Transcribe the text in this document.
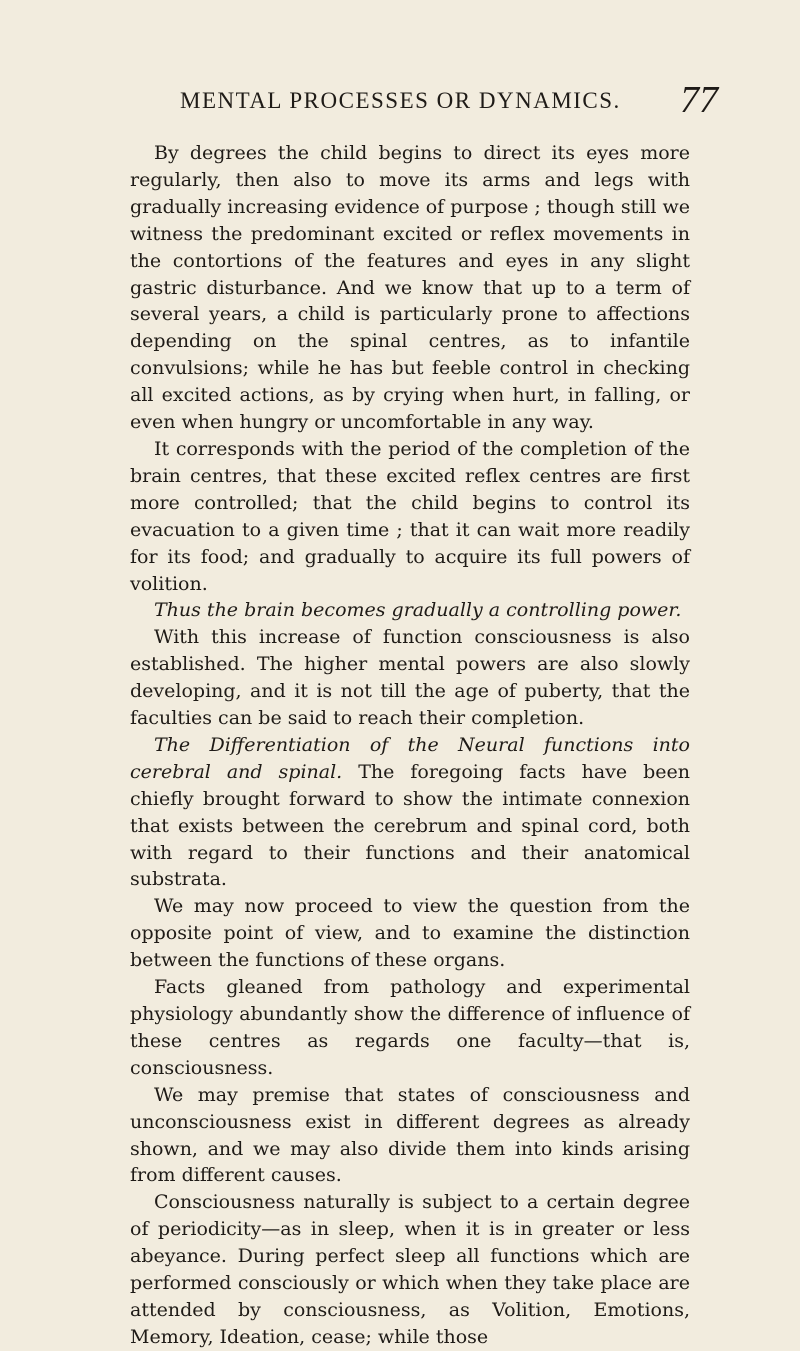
MENTAL PROCESSES OR DYNAMICS.	77

By degrees the child begins to direct its eyes more regularly, then also to move its arms and legs with gradually increasing evidence of purpose ; though still we witness the predominant excited or reflex movements in the contortions of the features and eyes in any slight gastric disturbance. And we know that up to a term of several years, a child is particularly prone to affections depending on the spinal centres, as to infantile convulsions; while he has but feeble control in checking all excited actions, as by crying when hurt, in falling, or even when hungry or uncomfortable in any way.

It corresponds with the period of the completion of the brain centres, that these excited reflex centres are first more controlled; that the child begins to control its evacuation to a given time ; that it can wait more readily for its food; and gradually to acquire its full powers of volition.

Thus the brain becomes gradually a controlling power.

With this increase of function consciousness is also established. The higher mental powers are also slowly developing, and it is not till the age of puberty, that the faculties can be said to reach their completion.

The Differentiation of the Neural functions into cerebral and spinal. The foregoing facts have been chiefly brought forward to show the intimate connexion that exists between the cerebrum and spinal cord, both with regard to their functions and their anatomical substrata.

We may now proceed to view the question from the opposite point of view, and to examine the distinction between the functions of these organs.

Facts gleaned from pathology and experimental physiology abundantly show the difference of influence of these centres as regards one faculty—that is, consciousness.

We may premise that states of consciousness and unconsciousness exist in different degrees as already shown, and we may also divide them into kinds arising from different causes.

Consciousness naturally is subject to a certain degree of periodicity—as in sleep, when it is in greater or less abeyance. During perfect sleep all functions which are performed consciously or which when they take place are attended by consciousness, as Volition, Emotions, Memory, Ideation, cease; while those
